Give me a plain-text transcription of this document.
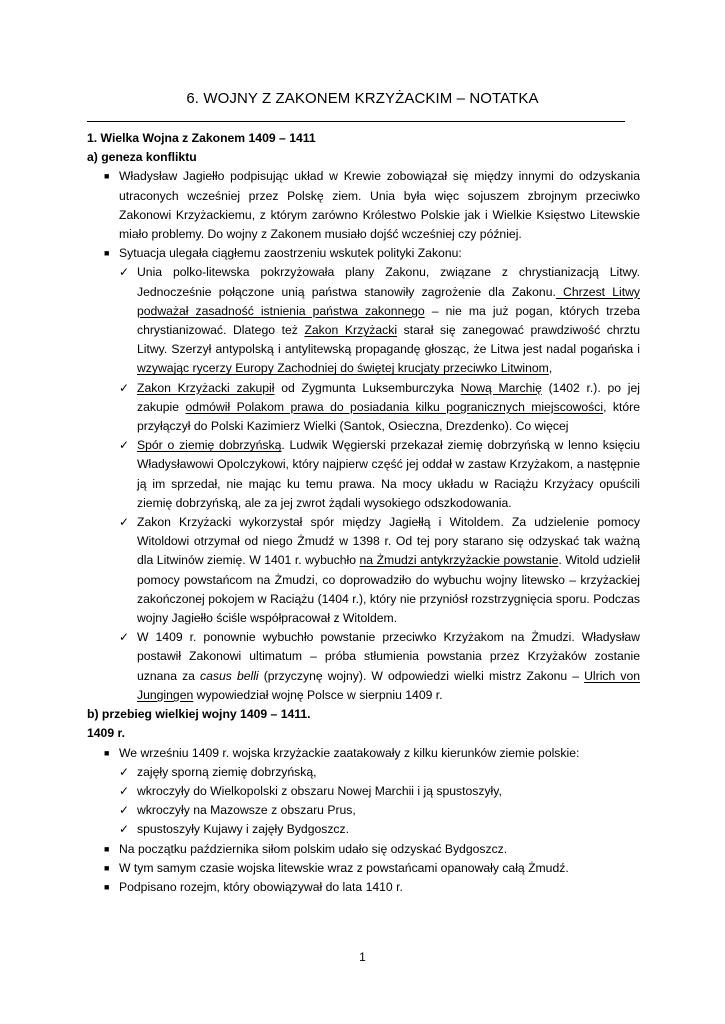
6. WOJNY Z ZAKONEM KRZYŻACKIM – NOTATKA

1. Wielka Wojna z Zakonem 1409 – 1411

a) geneza konfliktu

■ Władysław Jagiełło podpisując układ w Krewie zobowiązał się między innymi do odzyskania utraconych wcześniej przez Polskę ziem. Unia była więc sojuszem zbrojnym przeciwko Zakonowi Krzyżackiemu, z którym zarówno Królestwo Polskie jak i Wielkie Księstwo Litewskie miało problemy. Do wojny z Zakonem musiało dojść wcześniej czy później.
■ Sytuacja ulegała ciągłemu zaostrzeniu wskutek polityki Zakonu:
✓ Unia polko-litewska pokrzyżowała plany Zakonu, związane z chrystianizacją Litwy. Jednocześnie połączone unią państwa stanowiły zagrożenie dla Zakonu. Chrzest Litwy podważał zasadność istnienia państwa zakonnego – nie ma już pogan, których trzeba chrystianizować. Dlatego też Zakon Krzyżacki starał się zanegować prawdziwość chrztu Litwy. Szerzył antypolską i antylitewską propagandę głosząc, że Litwa jest nadal pogańska i wzywając rycerzy Europy Zachodniej do świętej krucjaty przeciwko Litwinom,
✓ Zakon Krzyżacki zakupił od Zygmunta Luksemburczyka Nową Marchię (1402 r.). po jej zakupie odmówił Polakom prawa do posiadania kilku pogranicznych miejscowości, które przyłączył do Polski Kazimierz Wielki (Santok, Osieczna, Drezdenko). Co więcej
✓ Spór o ziemię dobrzyńską. Ludwik Węgierski przekazał ziemię dobrzyńską w lenno księciu Władysławowi Opolczykowi, który najpierw część jej oddał w zastaw Krzyżakom, a następnie ją im sprzedał, nie mając ku temu prawa. Na mocy układu w Raciążu Krzyżacy opuścili ziemię dobrzyńską, ale za jej zwrot żądali wysokiego odszkodowania.
✓ Zakon Krzyżacki wykorzystał spór między Jagiełłą i Witoldem. Za udzielenie pomocy Witoldowi otrzymał od niego Żmudź w 1398 r. Od tej pory starano się odzyskać tak ważną dla Litwinów ziemię. W 1401 r. wybuchło na Żmudzi antykrzyżackie powstanie. Witold udzielił pomocy powstańcom na Żmudzi, co doprowadziło do wybuchu wojny litewsko – krzyżackiej zakończonej pokojem w Raciążu (1404 r.), który nie przyniósł rozstrzygnięcia sporu. Podczas wojny Jagiełło ściśle współpracował z Witoldem.
✓ W 1409 r. ponownie wybuchło powstanie przeciwko Krzyżakom na Żmudzi. Władysław postawił Zakonowi ultimatum – próba stłumienia powstania przez Krzyżaków zostanie uznana za casus belli (przyczynę wojny). W odpowiedzi wielki mistrz Zakonu – Ulrich von Jungingen wypowiedział wojnę Polsce w sierpniu 1409 r.

b) przebieg wielkiej wojny 1409 – 1411.

1409 r.

■ We wrześniu 1409 r. wojska krzyżackie zaatakowały z kilku kierunków ziemie polskie:
✓ zajęły sporną ziemię dobrzyńską,
✓ wkroczyły do Wielkopolski z obszaru Nowej Marchii i ją spustoszyły,
✓ wkroczyły na Mazowsze z obszaru Prus,
✓ spustoszyły Kujawy i zajęły Bydgoszcz.
■ Na początku października siłom polskim udało się odzyskać Bydgoszcz.
■ W tym samym czasie wojska litewskie wraz z powstańcami opanowały całą Żmudź.
■ Podpisano rozejm, który obowiązywał do lata 1410 r.
1
